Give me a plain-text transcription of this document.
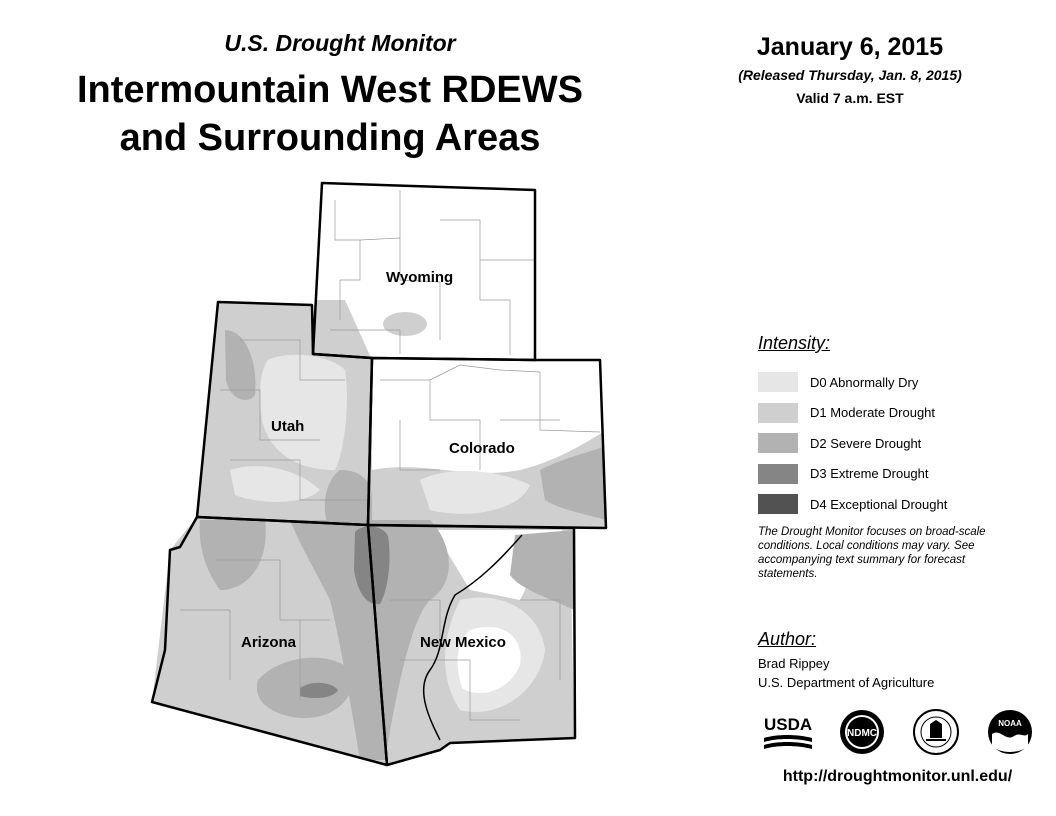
U.S. Drought Monitor
Intermountain West RDEWS
and Surrounding Areas
January 6, 2015
(Released Thursday, Jan. 8, 2015)
Valid 7 a.m. EST
Wyoming
Utah
Colorado
Arizona	New Mexico
Intensity:
D0 Abnormally Dry
D1 Moderate Drought
D2 Severe Drought
D3 Extreme Drought
D4 Exceptional Drought
The Drought Monitor focuses on broad-scale conditions. Local conditions may vary. See accompanying text summary for forecast statements.
Author:
Brad Rippey
U.S. Department of Agriculture
USDA	NDMC
NOAA
http://droughtmonitor.unl.edu/
